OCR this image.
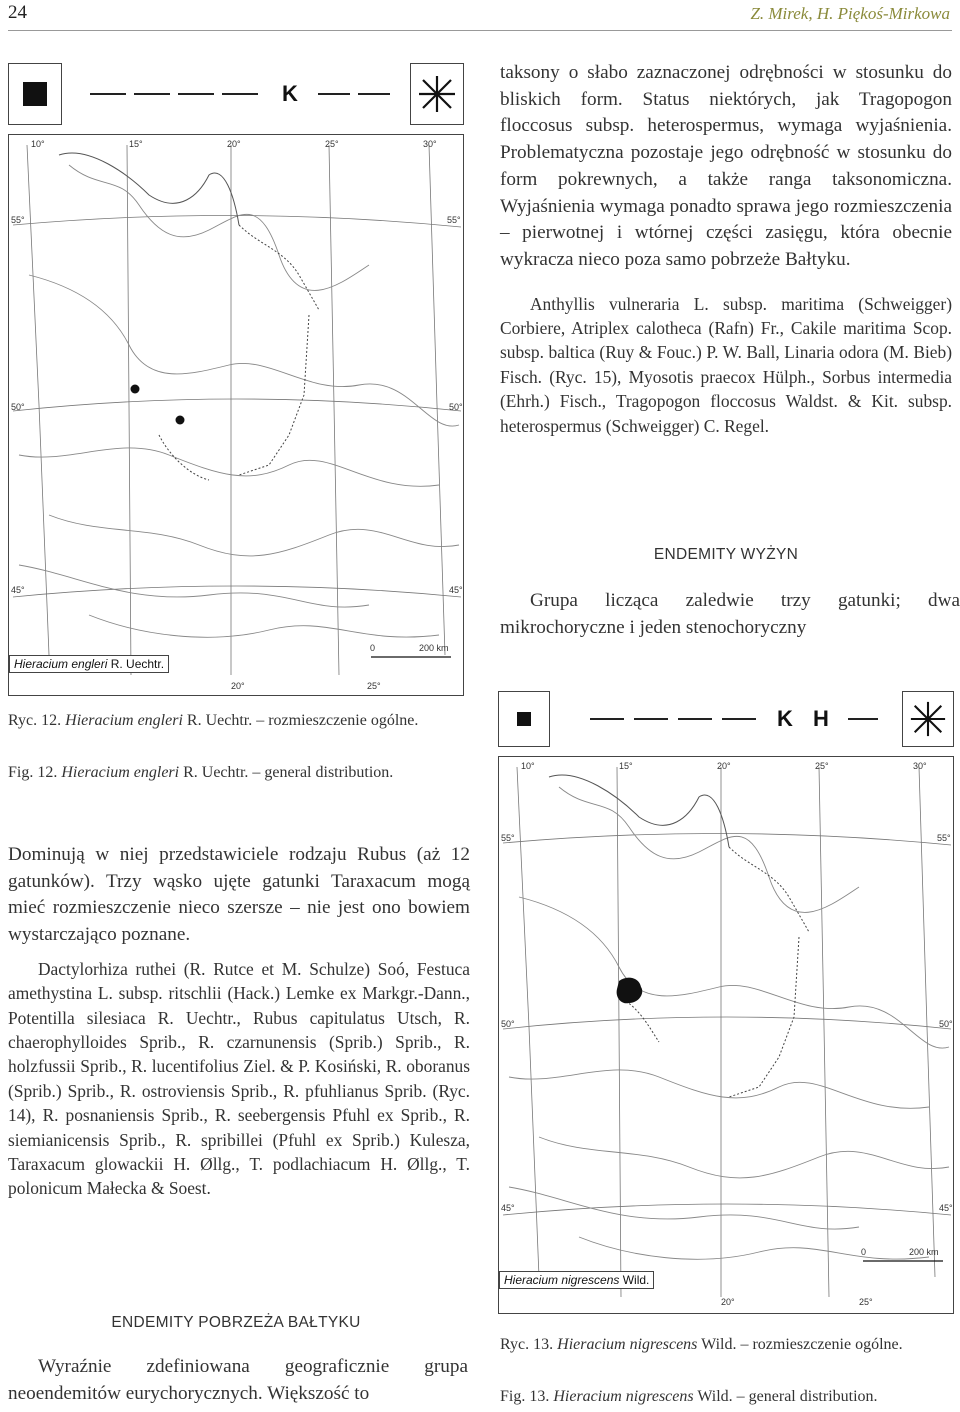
24	Z. Mirek, H. Piękoś-Mirkowa
K
10°	15°	20°	25°	30°
55°	55°
50°	50°
45°	45°
0	200 km
20°	25°
Hieracium engleri R. Uechtr.
Ryc. 12. Hieracium engleri R. Uechtr. – rozmieszczenie ogólne.
Fig. 12. Hieracium engleri R. Uechtr. – general distribution.

Dominują w niej przedstawiciele rodzaju Rubus (aż 12 gatunków). Trzy wąsko ujęte gatunki Taraxacum mogą mieć rozmieszczenie nieco szersze – nie jest ono bowiem wystarczająco poznane.

Dactylorhiza ruthei (R. Rutce et M. Schulze) Soó, Festuca amethystina L. subsp. ritschlii (Hack.) Lemke ex Markgr.-Dann., Potentilla silesiaca R. Uechtr., Rubus capitulatus Utsch, R. chaerophylloides Sprib., R. czarnunensis (Sprib.) Sprib., R. holzfussii Sprib., R. lucentifolius Ziel. & P. Kosiński, R. oboranus (Sprib.) Sprib., R. ostroviensis Sprib., R. pfuhlianus Sprib. (Ryc. 14), R. posnaniensis Sprib., R. seebergensis Pfuhl ex Sprib., R. siemianicensis Sprib., R. spribillei (Pfuhl ex Sprib.) Kulesza, Taraxacum glowackii H. Øllg., T. podlachiacum H. Øllg., T. polonicum Małecka & Soest.

ENDEMITY POBRZEŻA BAŁTYKU

Wyraźnie zdefiniowana geograficznie grupa neoendemitów eurychorycznych. Większość to

taksony o słabo zaznaczonej odrębności w stosunku do bliskich form. Status niektórych, jak Tragopogon floccosus subsp. heterospermus, wymaga wyjaśnienia. Problematyczna pozostaje jego odrębność w stosunku do form pokrewnych, a także ranga taksonomiczna. Wyjaśnienia wymaga ponadto sprawa jego rozmieszczenia – pierwotnej i wtórnej części zasięgu, która obecnie wykracza nieco poza samo pobrzeże Bałtyku.

Anthyllis vulneraria L. subsp. maritima (Schweigger) Corbiere, Atriplex calotheca (Rafn) Fr., Cakile maritima Scop. subsp. baltica (Ruy & Fouc.) P. W. Ball, Linaria odora (M. Bieb) Fisch. (Ryc. 15), Myosotis praecox Hülph., Sorbus intermedia (Ehrh.) Fisch., Tragopogon floccosus Waldst. & Kit. subsp. heterospermus (Schweigger) C. Regel.

ENDEMITY WYŻYN

Grupa licząca zaledwie trzy gatunki; dwa mikrochoryczne i jeden stenochoryczny

K H
10°	15°	20°	25°	30°
55°	55°
50°	50°
45°	45°
0	200 km
20°	25°
Hieracium nigrescens Wild.
Ryc. 13. Hieracium nigrescens Wild. – rozmieszczenie ogólne.
Fig. 13. Hieracium nigrescens Wild. – general distribution.
